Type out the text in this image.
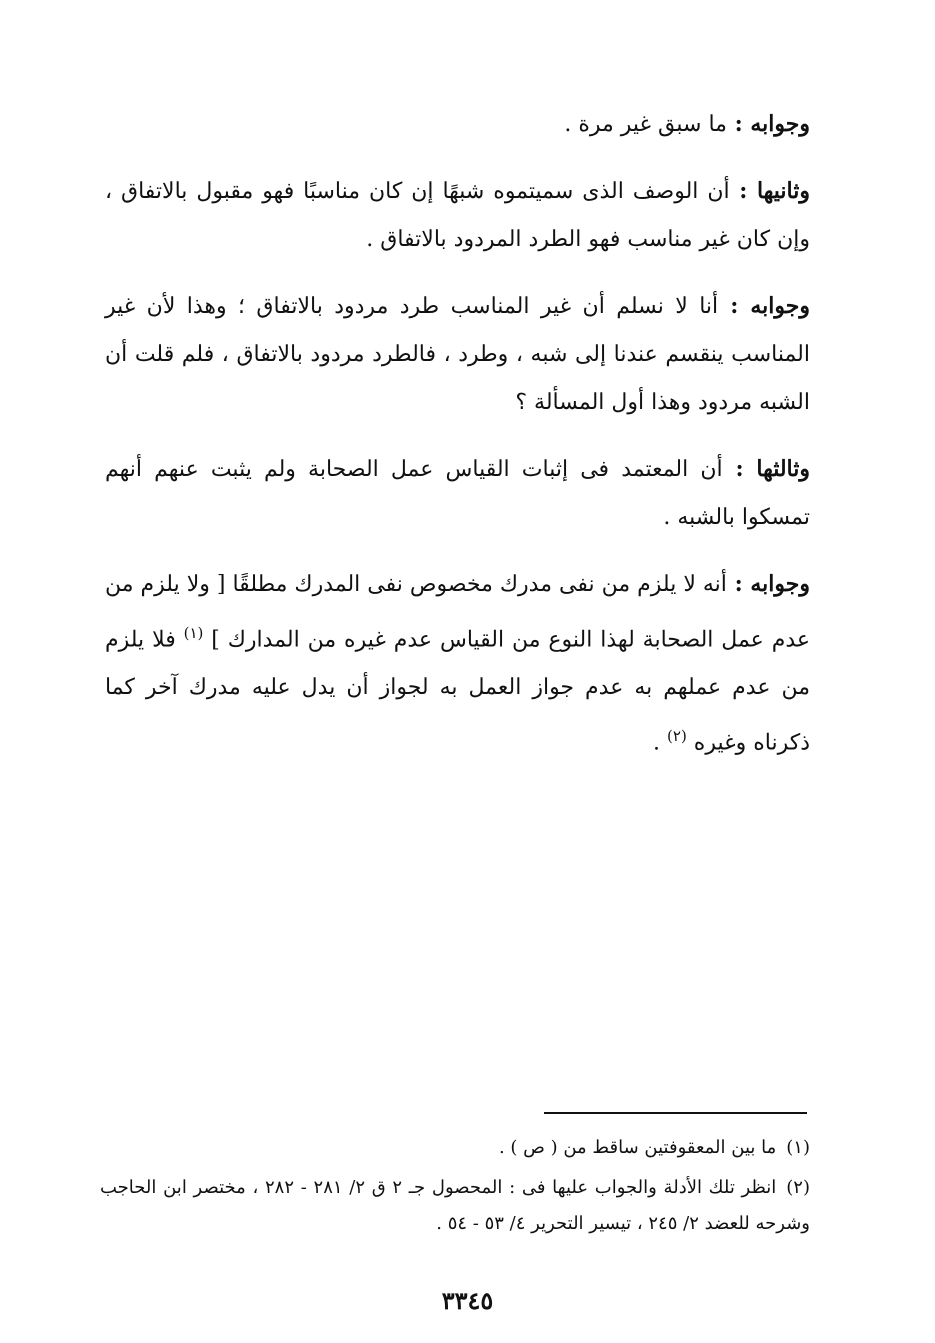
وجوابه : ما سبق غير مرة .

وثانيها : أن الوصف الذى سميتموه شبهًا إن كان مناسبًا فهو مقبول بالاتفاق ، وإن كان غير مناسب فهو الطرد المردود بالاتفاق .

وجوابه : أنا لا نسلم أن غير المناسب طرد مردود بالاتفاق ؛ وهذا لأن غير المناسب ينقسم عندنا إلى شبه ، وطرد ، فالطرد مردود بالاتفاق ، فلم قلت أن الشبه مردود وهذا أول المسألة ؟

وثالثها : أن المعتمد فى إثبات القياس عمل الصحابة ولم يثبت عنهم أنهم تمسكوا بالشبه .

وجوابه : أنه لا يلزم من نفى مدرك مخصوص نفى المدرك مطلقًا [ ولا يلزم من عدم عمل الصحابة لهذا النوع من القياس عدم غيره من المدارك ] $^{(١)}$ فلا يلزم من عدم عملهم به عدم جواز العمل به لجواز أن يدل عليه مدرك آخر كما ذكرناه وغيره $^{(٢)}$ .

(١)ما بين المعقوفتين ساقط من ( ص ) .

(٢)انظر تلك الأدلة والجواب عليها فى : المحصول جـ ٢ ق ٢/ ٢٨١ - ٢٨٢ ، مختصر ابن الحاجب وشرحه للعضد ٢/ ٢٤٥ ، تيسير التحرير ٤/ ٥٣ - ٥٤ .

٣٣٤٥
